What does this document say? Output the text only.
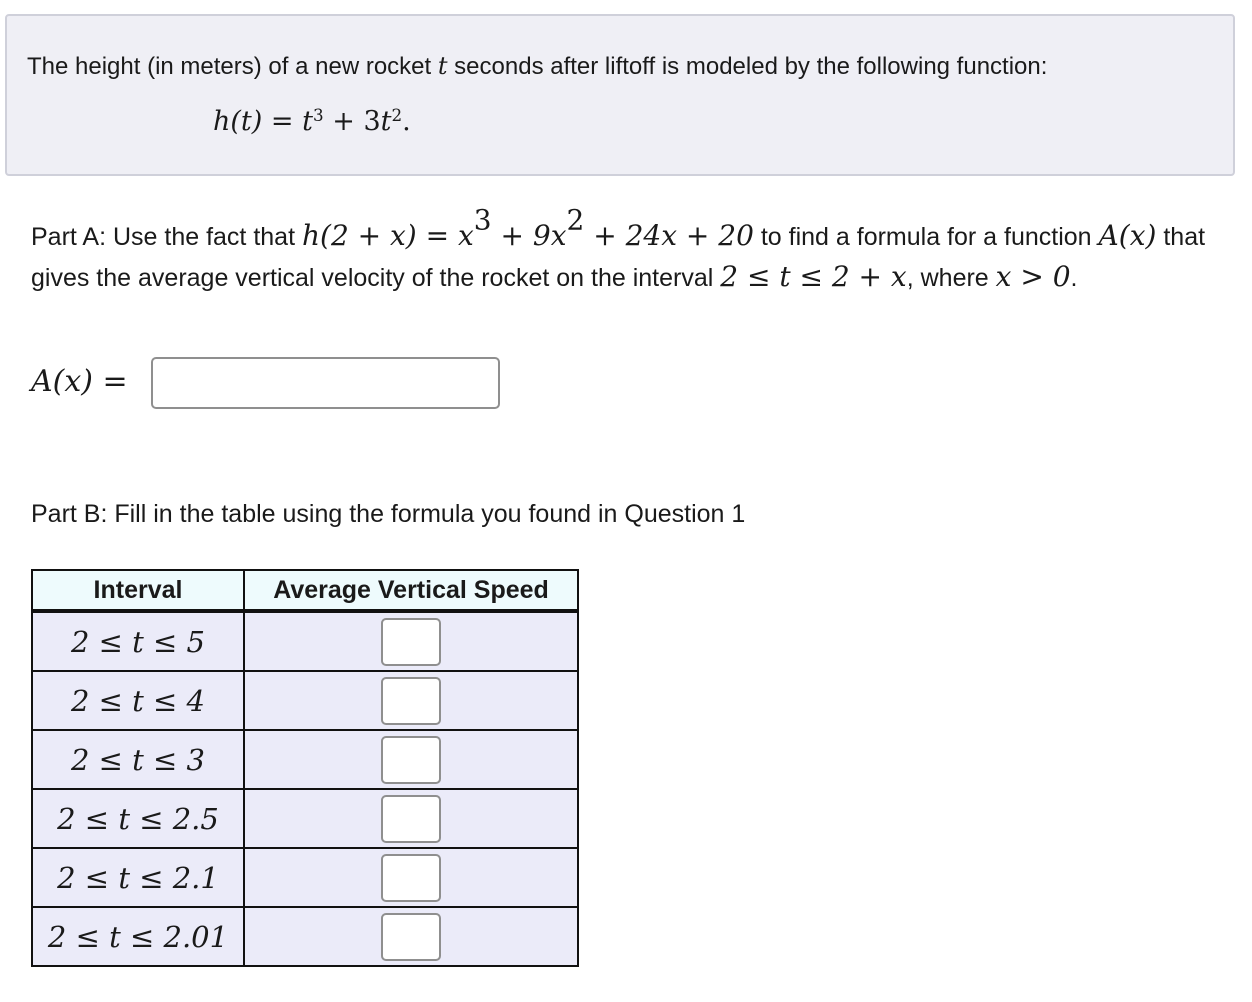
The height (in meters) of a new rocket t seconds after liftoff is modeled by the following function:
$h(t) = t^3 + 3t^2$.
Part A: Use the fact that $h(2 + x) = x^3 + 9x^2 + 24x + 20$ to find a formula for a function A(x) that gives the average vertical velocity of the rocket on the interval 2 ≤ t ≤ 2 + x, where x > 0.
A(x) =
Part B: Fill in the table using the formula you found in Question 1
Interval	Average Vertical Speed
2 ≤ t ≤ 5	
2 ≤ t ≤ 4	
2 ≤ t ≤ 3	
2 ≤ t ≤ 2.5	
2 ≤ t ≤ 2.1	
2 ≤ t ≤ 2.01	
